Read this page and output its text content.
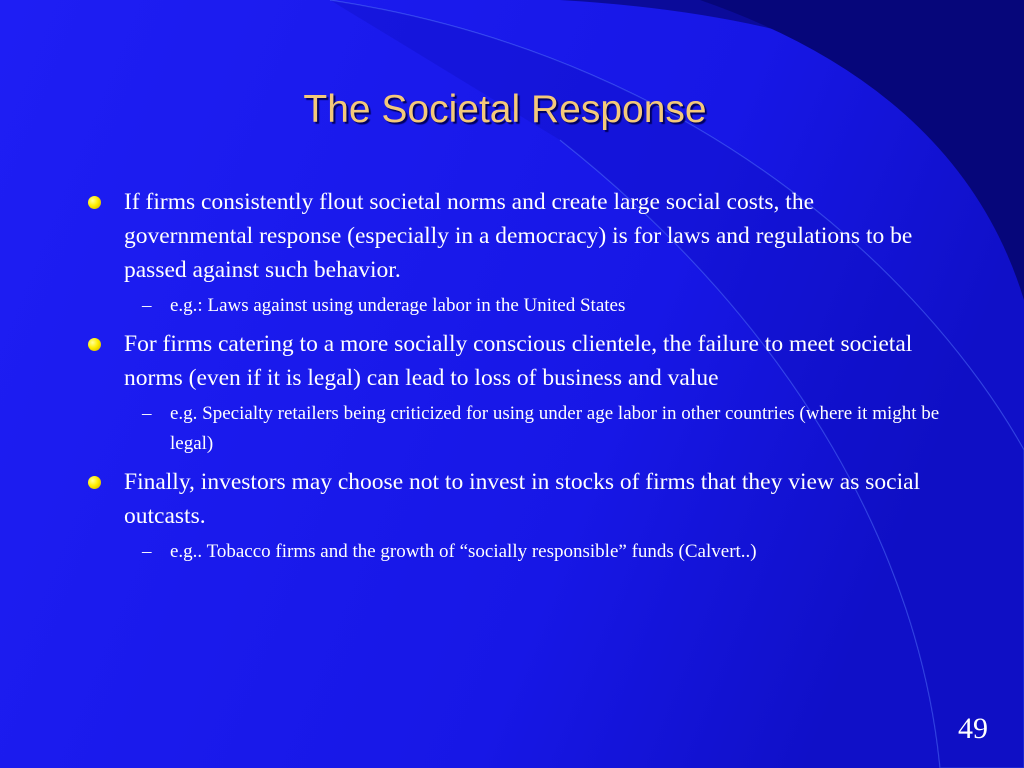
The Societal Response
If firms consistently flout societal norms and create large social costs, the governmental response (especially in a democracy) is for laws and regulations to be passed against such behavior.
– e.g.: Laws against using underage labor in the United States
For firms catering to a more socially conscious clientele, the failure to meet societal norms (even if it is legal) can lead to loss of business and value
– e.g. Specialty retailers being criticized for using under age labor in other countries (where it might be legal)
Finally, investors may choose not to invest in stocks of firms that they view as social outcasts.
– e.g.. Tobacco firms and the growth of “socially responsible” funds (Calvert..)
49
